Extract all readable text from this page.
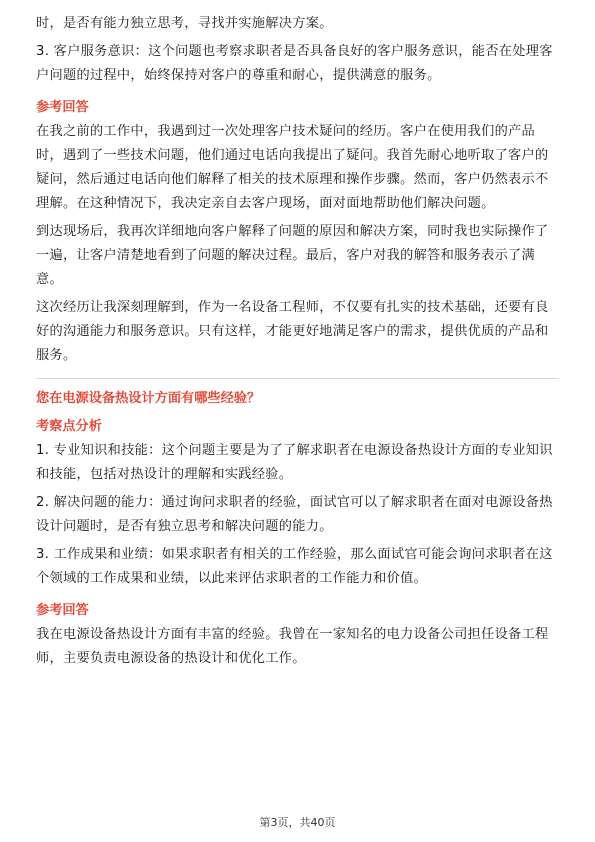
时，是否有能力独立思考，寻找并实施解决方案。

3. 客户服务意识：这个问题也考察求职者是否具备良好的客户服务意识，能否在处理客户问题的过程中，始终保持对客户的尊重和耐心，提供满意的服务。

参考回答

在我之前的工作中，我遇到过一次处理客户技术疑问的经历。客户在使用我们的产品时，遇到了一些技术问题，他们通过电话向我提出了疑问。我首先耐心地听取了客户的疑问，然后通过电话向他们解释了相关的技术原理和操作步骤。然而，客户仍然表示不理解。在这种情况下，我决定亲自去客户现场，面对面地帮助他们解决问题。

到达现场后，我再次详细地向客户解释了问题的原因和解决方案，同时我也实际操作了一遍，让客户清楚地看到了问题的解决过程。最后，客户对我的解答和服务表示了满意。

这次经历让我深刻理解到，作为一名设备工程师，不仅要有扎实的技术基础，还要有良好的沟通能力和服务意识。只有这样，才能更好地满足客户的需求，提供优质的产品和服务。

您在电源设备热设计方面有哪些经验？

考察点分析

1. 专业知识和技能：这个问题主要是为了了解求职者在电源设备热设计方面的专业知识和技能，包括对热设计的理解和实践经验。

2. 解决问题的能力：通过询问求职者的经验，面试官可以了解求职者在面对电源设备热设计问题时，是否有独立思考和解决问题的能力。

3. 工作成果和业绩：如果求职者有相关的工作经验，那么面试官可能会询问求职者在这个领域的工作成果和业绩，以此来评估求职者的工作能力和价值。

参考回答

我在电源设备热设计方面有丰富的经验。我曾在一家知名的电力设备公司担任设备工程师，主要负责电源设备的热设计和优化工作。

第3页，共40页
